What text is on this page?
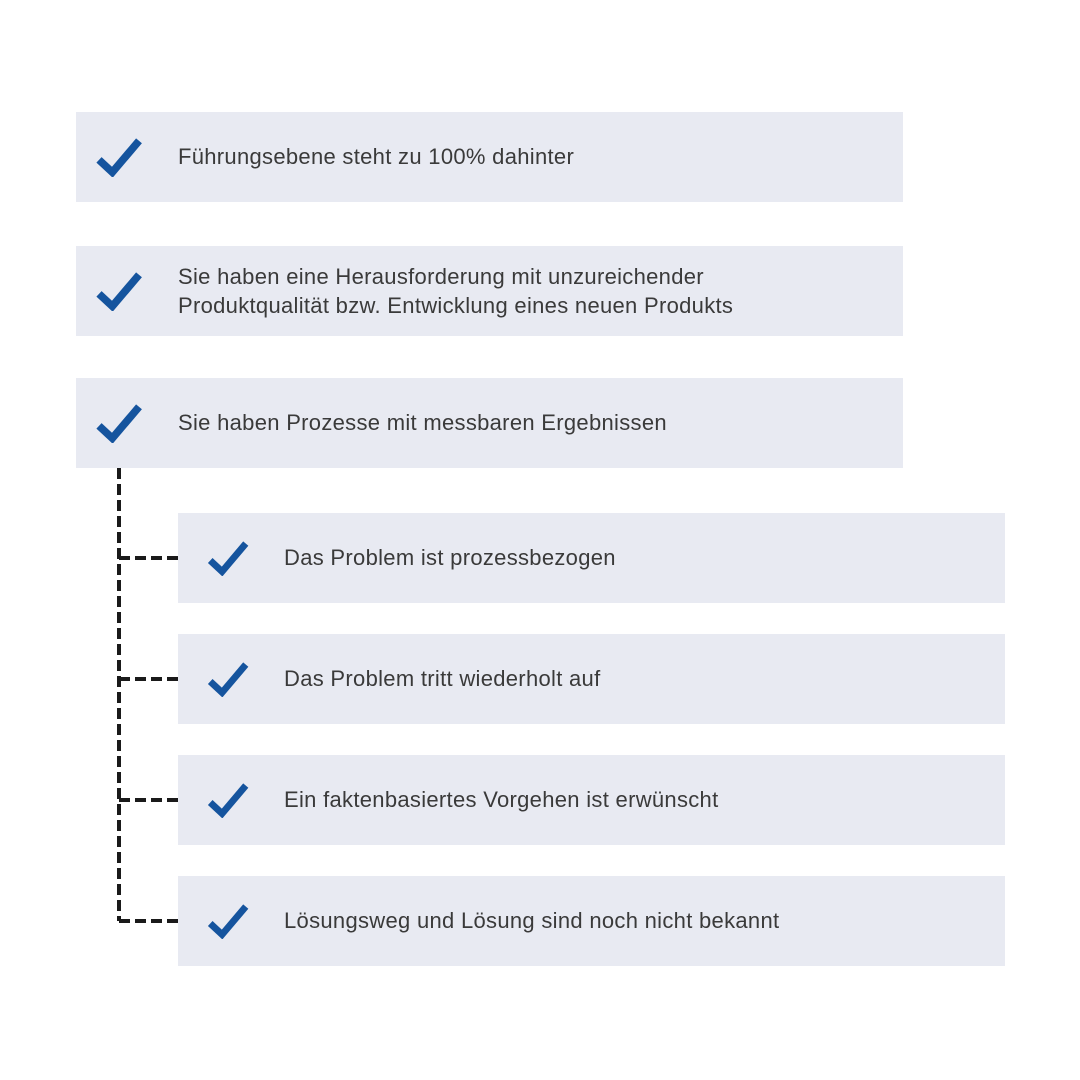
Führungsebene steht zu 100% dahinter
Sie haben eine Herausforderung mit unzureichender Produktqualität bzw. Entwicklung eines neuen Produkts
Sie haben Prozesse mit messbaren Ergebnissen
Das Problem ist prozessbezogen
Das Problem tritt wiederholt auf
Ein faktenbasiertes Vorgehen ist erwünscht
Lösungsweg und Lösung sind noch nicht bekannt
